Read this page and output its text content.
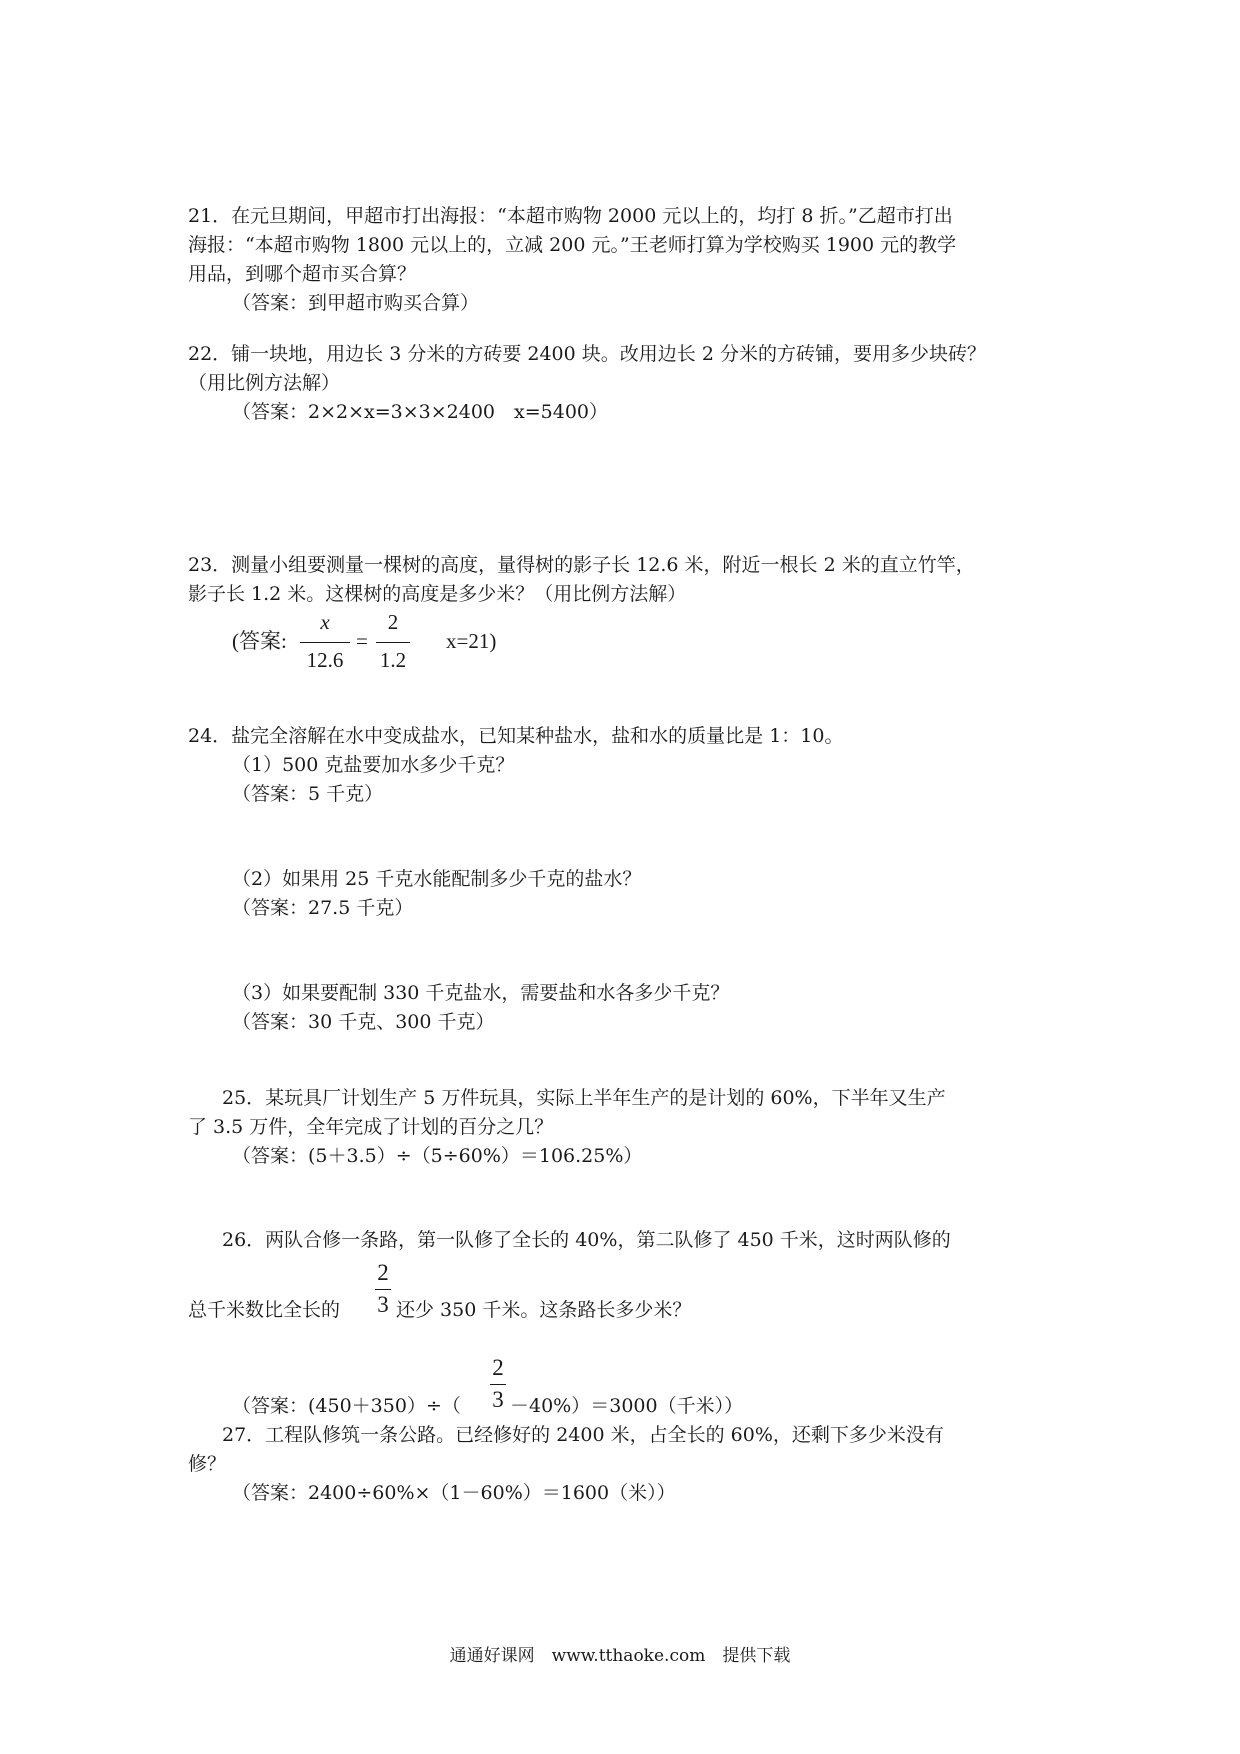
21．在元旦期间，甲超市打出海报：“本超市购物 2000 元以上的，均打 8 折。”乙超市打出
海报：“本超市购物 1800 元以上的，立减 200 元。”王老师打算为学校购买 1900 元的教学
用品，到哪个超市买合算？
（答案：到甲超市购买合算）
22．铺一块地，用边长 3 分米的方砖要 2400 块。改用边长 2 分米的方砖铺，要用多少块砖？
（用比例方法解）
（答案：2×2×x=3×3×2400　x=5400）
23．测量小组要测量一棵树的高度，量得树的影子长 12.6 米，附近一根长 2 米的直立竹竿，
影子长 1.2 米。这棵树的高度是多少米？（用比例方法解）
(答案:
x
12.6
=
2
1.2
x=21)
24．盐完全溶解在水中变成盐水，已知某种盐水，盐和水的质量比是 1：10。
（1）500 克盐要加水多少千克？
（答案：5 千克）
（2）如果用 25 千克水能配制多少千克的盐水？
（答案：27.5 千克）
（3）如果要配制 330 千克盐水，需要盐和水各多少千克？
（答案：30 千克、300 千克）
25．某玩具厂计划生产 5 万件玩具，实际上半年生产的是计划的 60%，下半年又生产
了 3.5 万件，全年完成了计划的百分之几？
（答案：(5＋3.5）÷（5÷60%）＝106.25%）
26．两队合修一条路，第一队修了全长的 40%，第二队修了 450 千米，这时两队修的
2
3
总千米数比全长的	还少 350 千米。这条路长多少米？
（答案：(450＋350）÷（
2
3 －40%）＝3000（千米））
27．工程队修筑一条公路。已经修好的 2400 米，占全长的 60%，还剩下多少米没有
修？
（答案：2400÷60%×（1－60%）＝1600（米））
通通好课网　www.tthaoke.com　提供下载
